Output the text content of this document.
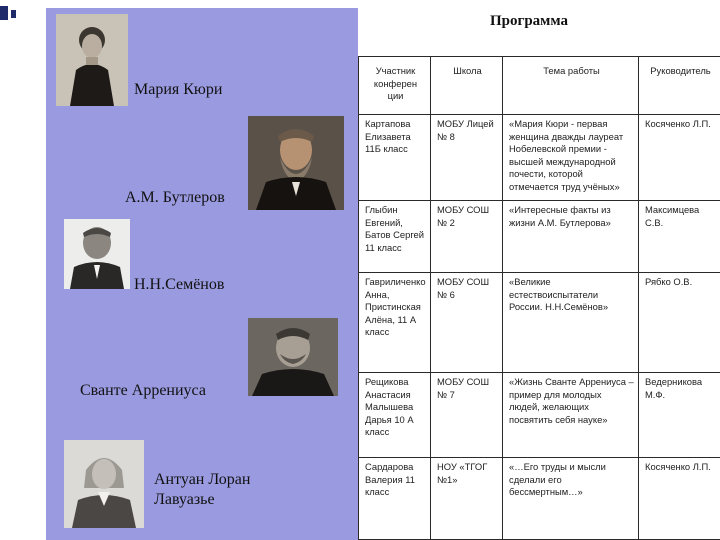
Программа
Мария Кюри
А.М. Бутлеров
Н.Н.Семёнов
Сванте Аррениуса
Антуан Лоран Лавуазье
Участник конферен ции	Школа	Тема работы	Руководитель
Картапова Елизавета 11Б класс	МОБУ Лицей № 8	«Мария Кюри - первая женщина дважды лауреат Нобелевской премии - высшей международной почести, которой отмечается труд учёных»	Косяченко Л.П.
Глыбин Евгений, Батов Сергей 11 класс	МОБУ СОШ № 2	«Интересные факты из жизни А.М. Бутлерова»	Максимцева С.В.
Гавриличенко Анна, Пристинская Алёна, 11 А класс	МОБУ СОШ № 6	«Великие естествоиспытатели России. Н.Н.Семёнов»	Рябко О.В.
Рещикова Анастасия Малышева Дарья 10 А класс	МОБУ СОШ № 7	«Жизнь Сванте Аррениуса – пример для молодых людей, желающих посвятить себя науке»	Ведерникова М.Ф.
Сардарова Валерия 11 класс	НОУ «ТГОГ №1»	«…Его труды и мысли сделали его бессмертным…»	Косяченко Л.П.
